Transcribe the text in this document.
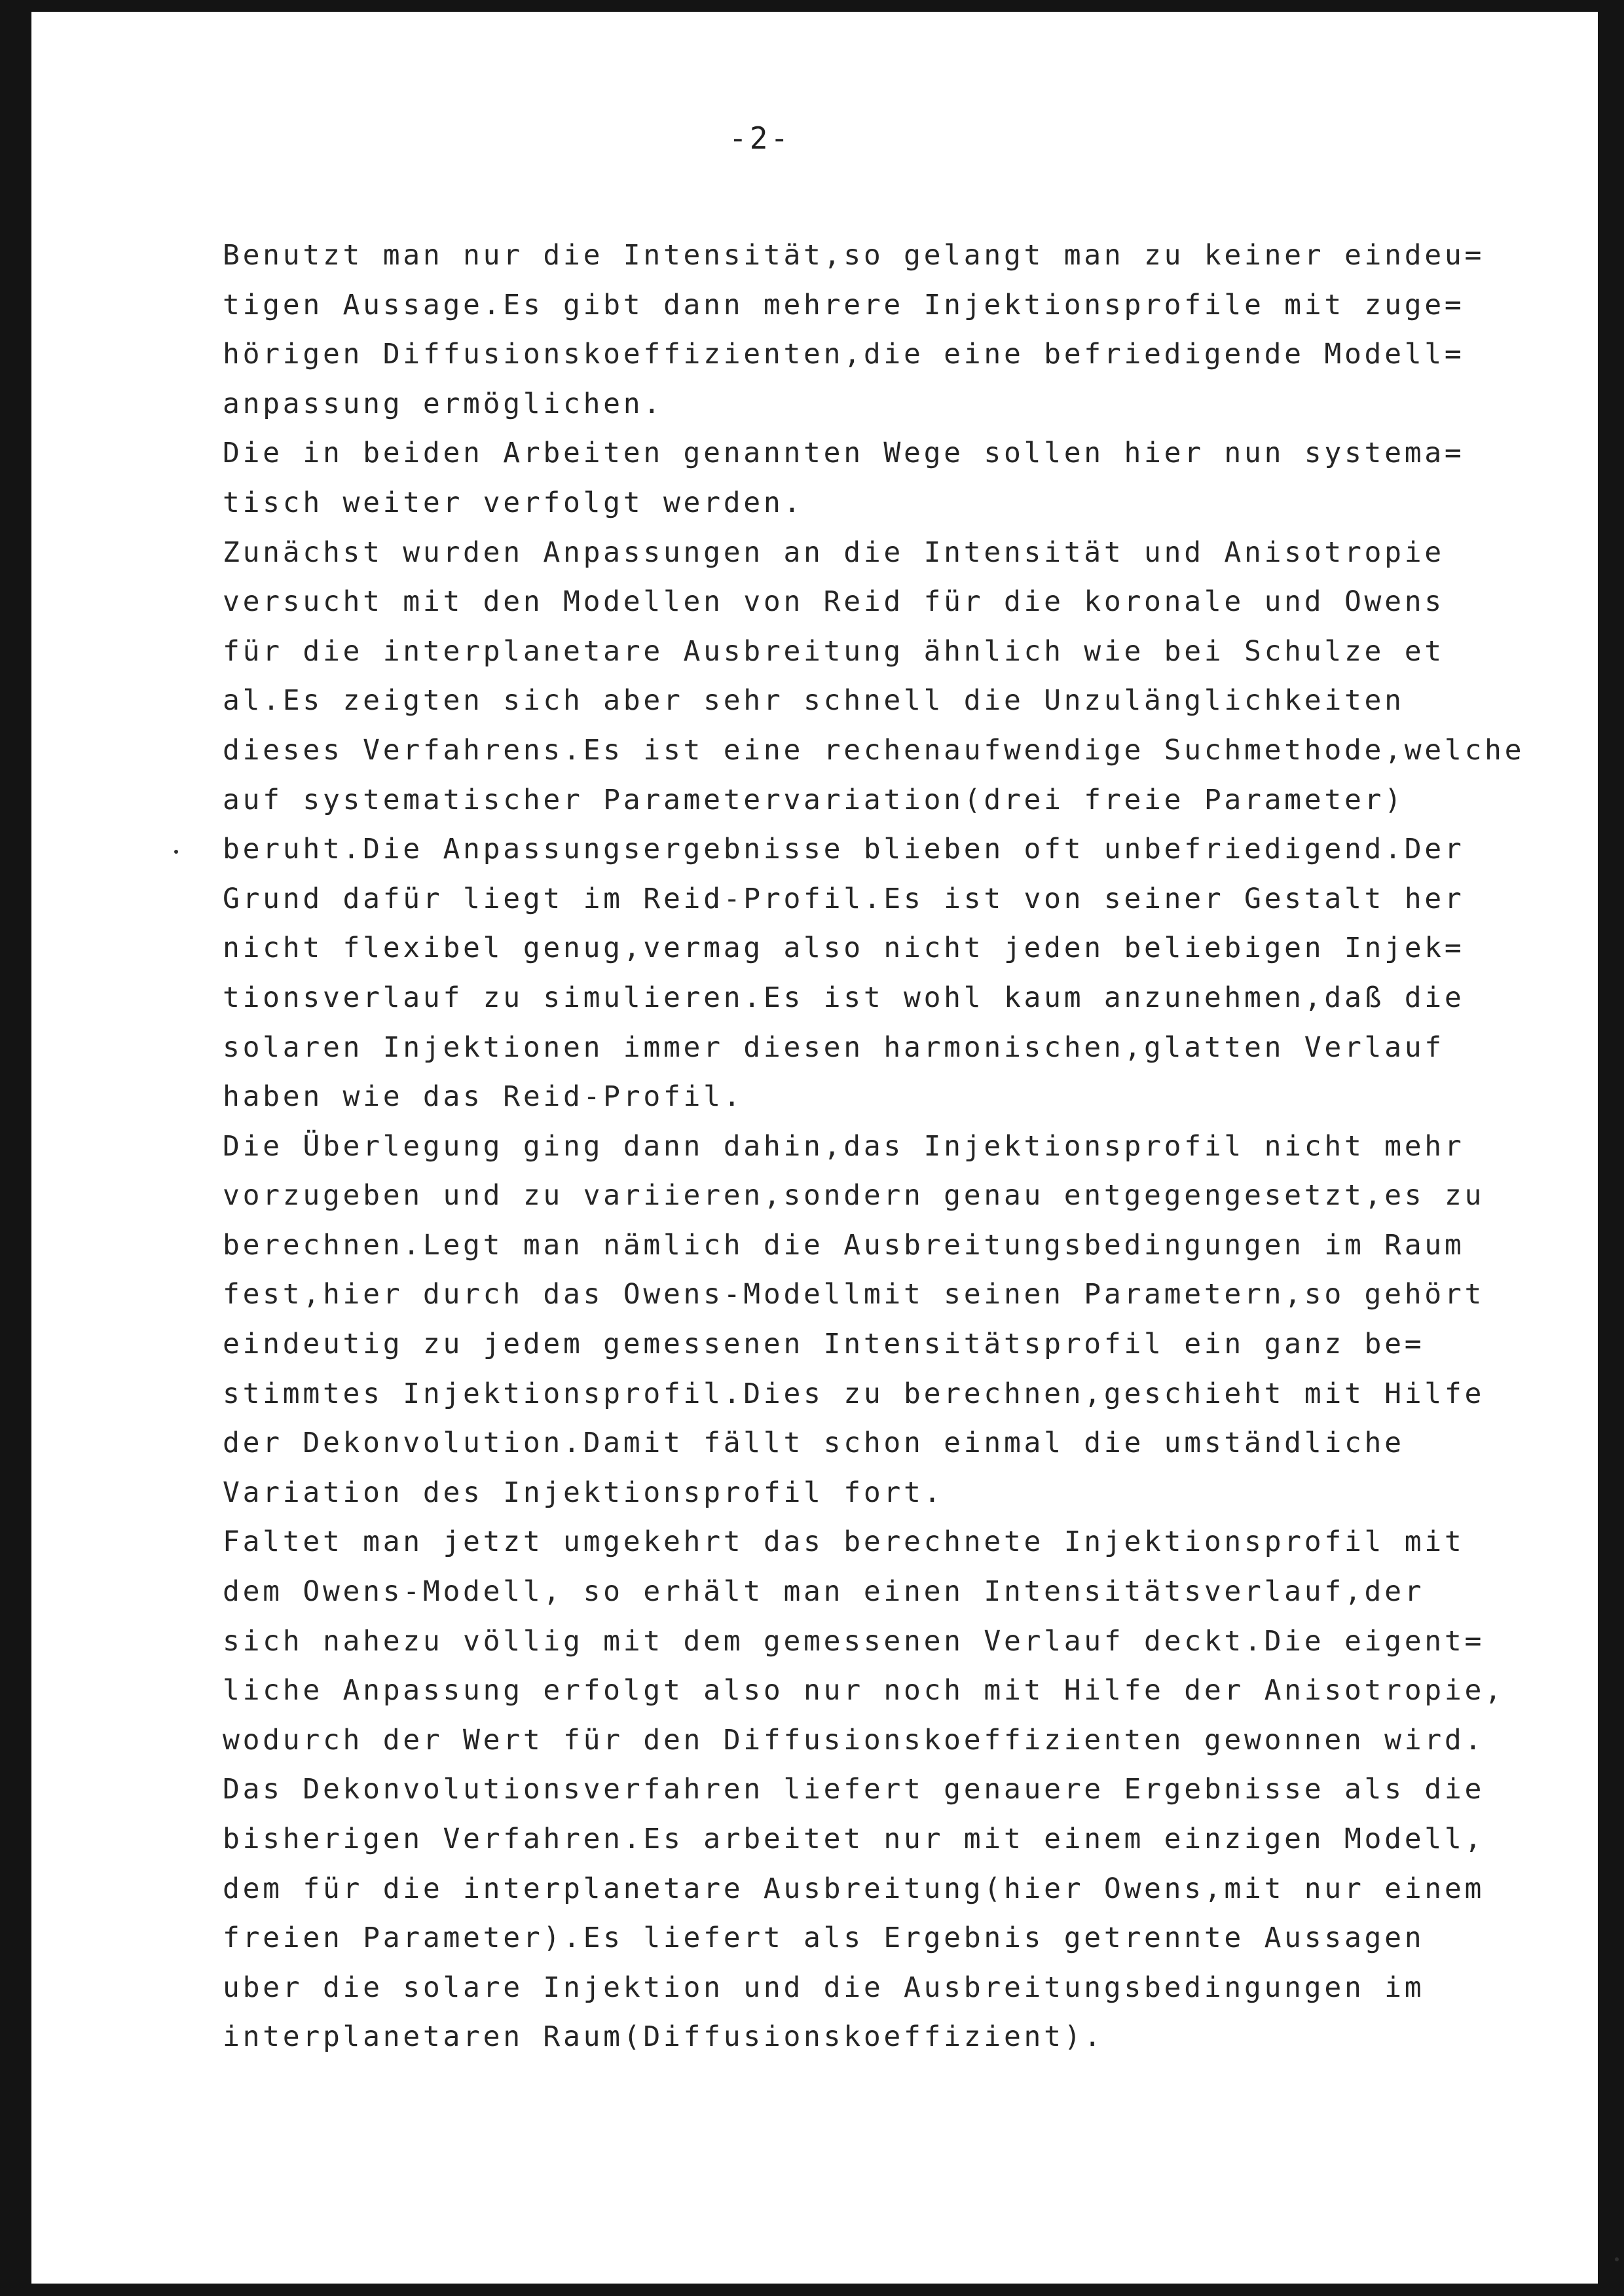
-2-
Benutzt man nur die Intensität,so gelangt man zu keiner eindeu=
tigen Aussage.Es gibt dann mehrere Injektionsprofile mit zuge=
hörigen Diffusionskoeffizienten,die eine befriedigende Modell=
anpassung ermöglichen.
Die in beiden Arbeiten genannten Wege sollen hier nun systema=
tisch weiter verfolgt werden.
Zunächst wurden Anpassungen an die Intensität und Anisotropie
versucht mit den Modellen von Reid für die koronale und Owens
für die interplanetare Ausbreitung ähnlich wie bei Schulze et
al.Es zeigten sich aber sehr schnell die Unzulänglichkeiten
dieses Verfahrens.Es ist eine rechenaufwendige Suchmethode,welche
auf systematischer Parametervariation(drei freie Parameter)
beruht.Die Anpassungsergebnisse blieben oft unbefriedigend.Der
Grund dafür liegt im Reid-Profil.Es ist von seiner Gestalt her
nicht flexibel genug,vermag also nicht jeden beliebigen Injek=
tionsverlauf zu simulieren.Es ist wohl kaum anzunehmen,daß die
solaren Injektionen immer diesen harmonischen,glatten Verlauf
haben wie das Reid-Profil.
Die Überlegung ging dann dahin,das Injektionsprofil nicht mehr
vorzugeben und zu variieren,sondern genau entgegengesetzt,es zu
berechnen.Legt man nämlich die Ausbreitungsbedingungen im Raum
fest,hier durch das Owens-Modellmit seinen Parametern,so gehört
eindeutig zu jedem gemessenen Intensitätsprofil ein ganz be=
stimmtes Injektionsprofil.Dies zu berechnen,geschieht mit Hilfe
der Dekonvolution.Damit fällt schon einmal die umständliche
Variation des Injektionsprofil fort.
Faltet man jetzt umgekehrt das berechnete Injektionsprofil mit
dem Owens-Modell, so erhält man einen Intensitätsverlauf,der
sich nahezu völlig mit dem gemessenen Verlauf deckt.Die eigent=
liche Anpassung erfolgt also nur noch mit Hilfe der Anisotropie,
wodurch der Wert für den Diffusionskoeffizienten gewonnen wird.
Das Dekonvolutionsverfahren liefert genauere Ergebnisse als die
bisherigen Verfahren.Es arbeitet nur mit einem einzigen Modell,
dem für die interplanetare Ausbreitung(hier Owens,mit nur einem
freien Parameter).Es liefert als Ergebnis getrennte Aussagen
uber die solare Injektion und die Ausbreitungsbedingungen im
interplanetaren Raum(Diffusionskoeffizient).
